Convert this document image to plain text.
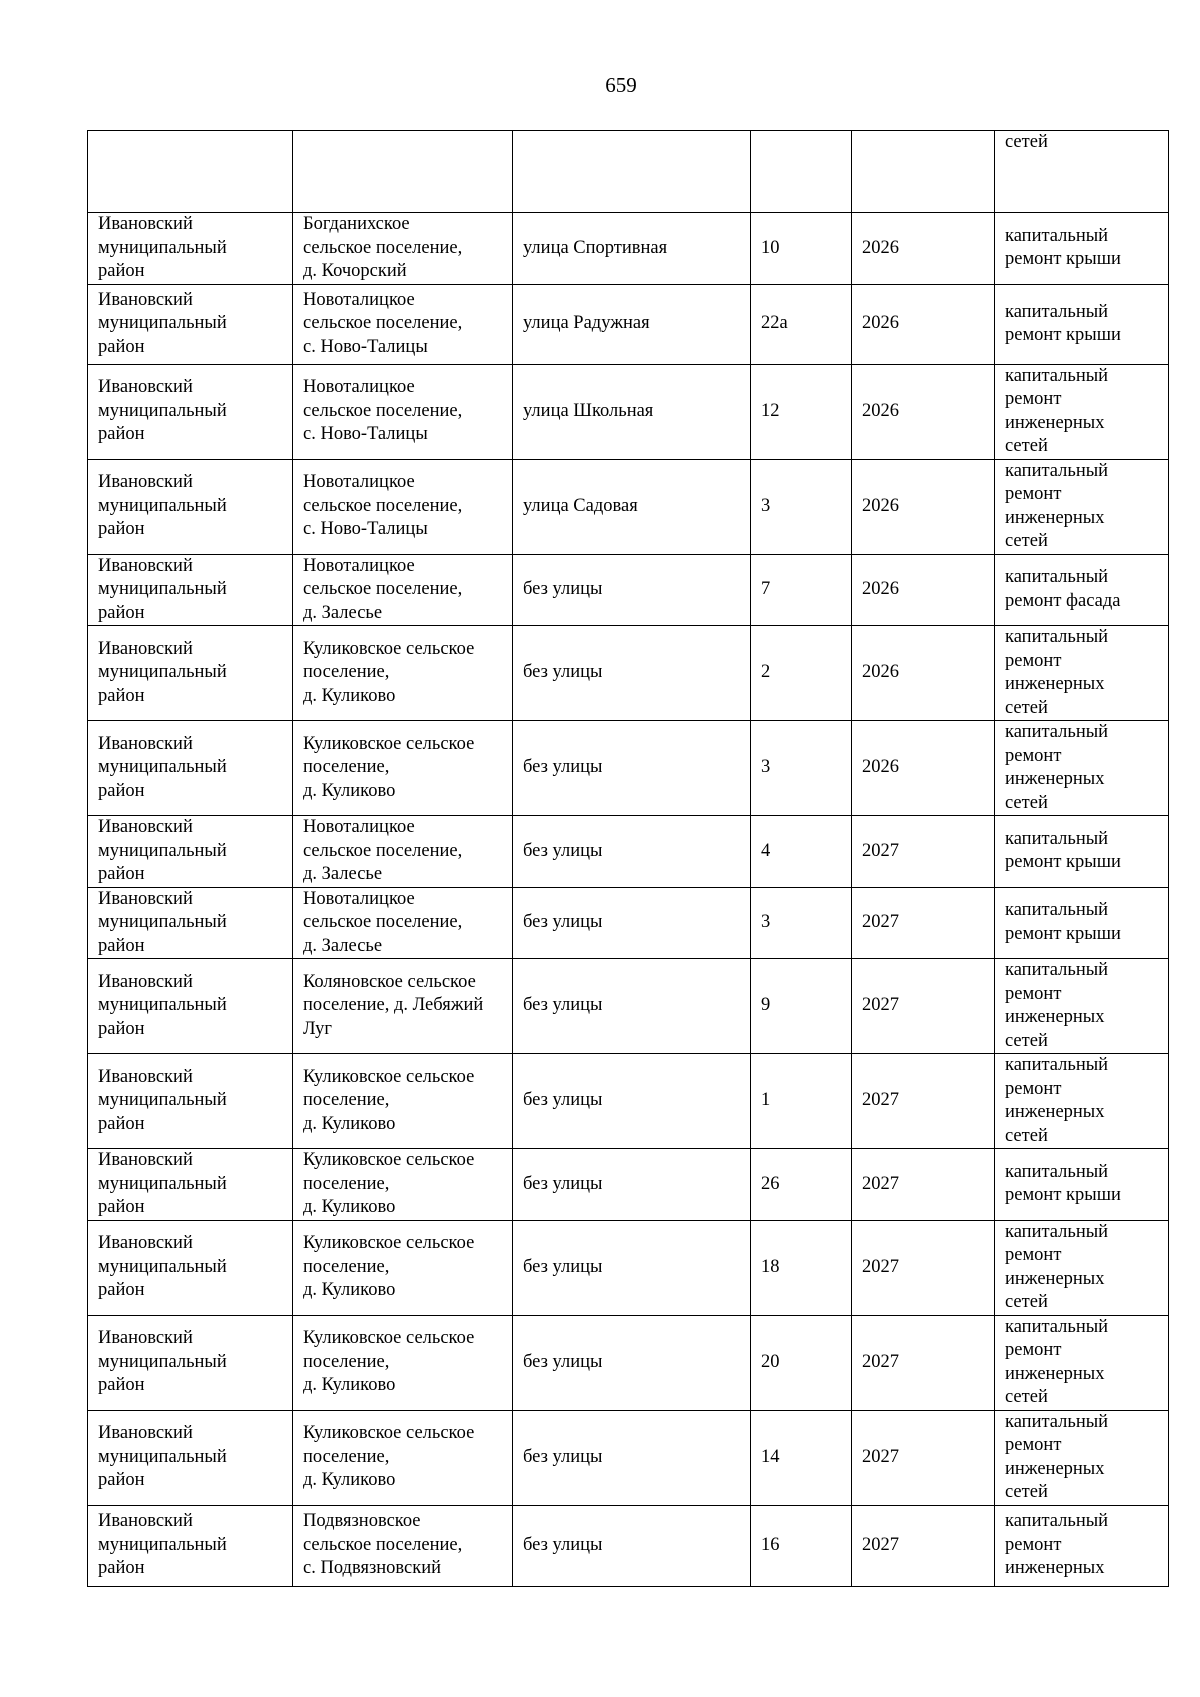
659
					сетей
Ивановский
муниципальный
район	Богданихское
сельское поселение,
д. Кочорский	улица Спортивная	10	2026	капитальный
ремонт крыши
Ивановский
муниципальный
район	Новоталицкое
сельское поселение,
с. Ново-Талицы	улица Радужная	22а	2026	капитальный
ремонт крыши
Ивановский
муниципальный
район	Новоталицкое
сельское поселение,
с. Ново-Талицы	улица Школьная	12	2026	капитальный
ремонт
инженерных
сетей
Ивановский
муниципальный
район	Новоталицкое
сельское поселение,
с. Ново-Талицы	улица Садовая	3	2026	капитальный
ремонт
инженерных
сетей
Ивановский
муниципальный
район	Новоталицкое
сельское поселение,
д. Залесье	без улицы	7	2026	капитальный
ремонт фасада
Ивановский
муниципальный
район	Куликовское сельское
поселение,
д. Куликово	без улицы	2	2026	капитальный
ремонт
инженерных
сетей
Ивановский
муниципальный
район	Куликовское сельское
поселение,
д. Куликово	без улицы	3	2026	капитальный
ремонт
инженерных
сетей
Ивановский
муниципальный
район	Новоталицкое
сельское поселение,
д. Залесье	без улицы	4	2027	капитальный
ремонт крыши
Ивановский
муниципальный
район	Новоталицкое
сельское поселение,
д. Залесье	без улицы	3	2027	капитальный
ремонт крыши
Ивановский
муниципальный
район	Коляновское сельское
поселение, д. Лебяжий
Луг	без улицы	9	2027	капитальный
ремонт
инженерных
сетей
Ивановский
муниципальный
район	Куликовское сельское
поселение,
д. Куликово	без улицы	1	2027	капитальный
ремонт
инженерных
сетей
Ивановский
муниципальный
район	Куликовское сельское
поселение,
д. Куликово	без улицы	26	2027	капитальный
ремонт крыши
Ивановский
муниципальный
район	Куликовское сельское
поселение,
д. Куликово	без улицы	18	2027	капитальный
ремонт
инженерных
сетей
Ивановский
муниципальный
район	Куликовское сельское
поселение,
д. Куликово	без улицы	20	2027	капитальный
ремонт
инженерных
сетей
Ивановский
муниципальный
район	Куликовское сельское
поселение,
д. Куликово	без улицы	14	2027	капитальный
ремонт
инженерных
сетей
Ивановский
муниципальный
район	Подвязновское
сельское поселение,
с. Подвязновский	без улицы	16	2027	капитальный
ремонт
инженерных
